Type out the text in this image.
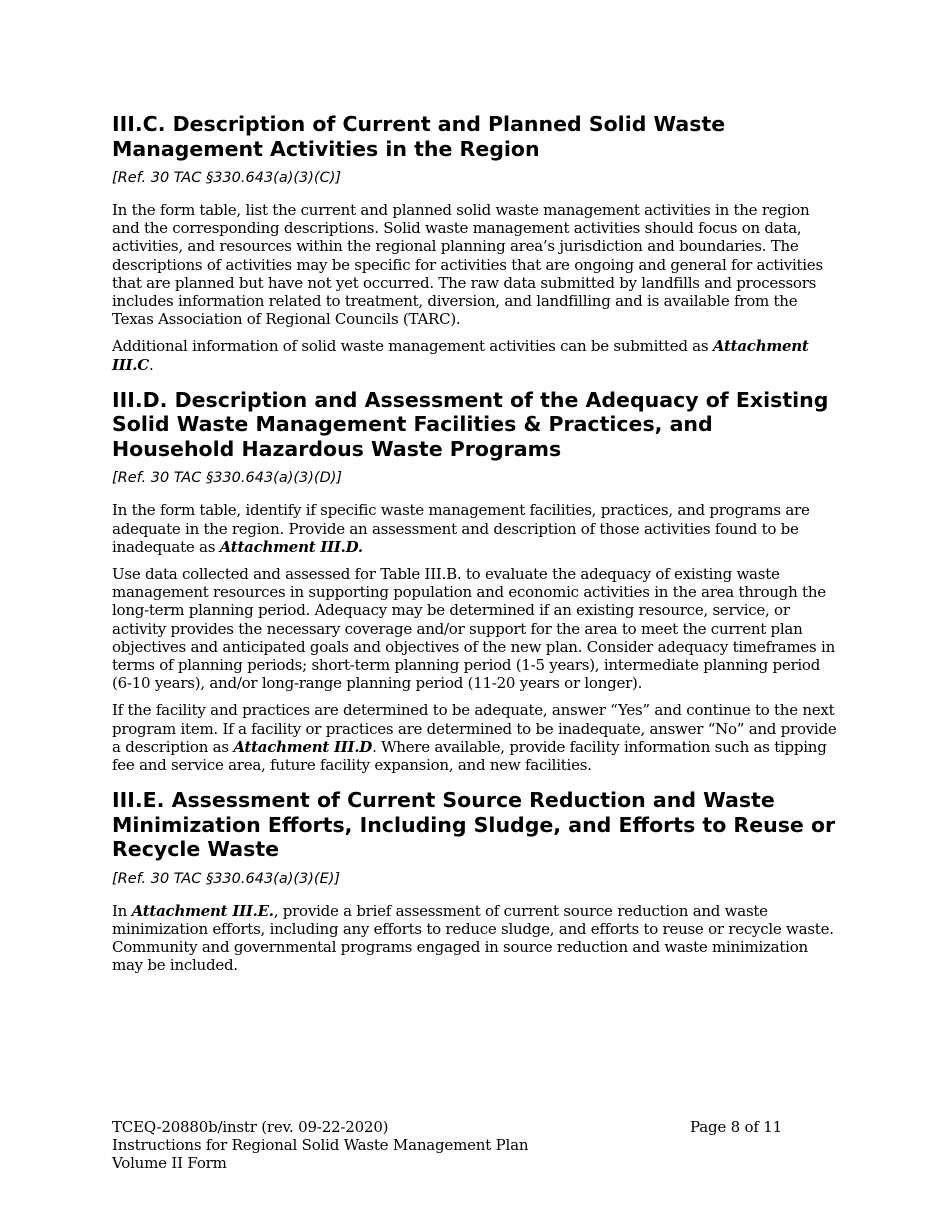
III.C. Description of Current and Planned Solid Waste Management Activities in the Region
[Ref. 30 TAC §330.643(a)(3)(C)]

In the form table, list the current and planned solid waste management activities in the region and the corresponding descriptions. Solid waste management activities should focus on data, activities, and resources within the regional planning area’s jurisdiction and boundaries. The descriptions of activities may be specific for activities that are ongoing and general for activities that are planned but have not yet occurred. The raw data submitted by landfills and processors includes information related to treatment, diversion, and landfilling and is available from the Texas Association of Regional Councils (TARC).

Additional information of solid waste management activities can be submitted as Attachment III.C.

III.D. Description and Assessment of the Adequacy of Existing Solid Waste Management Facilities & Practices, and Household Hazardous Waste Programs
[Ref. 30 TAC §330.643(a)(3)(D)]

In the form table, identify if specific waste management facilities, practices, and programs are adequate in the region. Provide an assessment and description of those activities found to be inadequate as Attachment III.D.

Use data collected and assessed for Table III.B. to evaluate the adequacy of existing waste management resources in supporting population and economic activities in the area through the long-term planning period. Adequacy may be determined if an existing resource, service, or activity provides the necessary coverage and/or support for the area to meet the current plan objectives and anticipated goals and objectives of the new plan. Consider adequacy timeframes in terms of planning periods; short-term planning period (1-5 years), intermediate planning period (6-10 years), and/or long-range planning period (11-20 years or longer).

If the facility and practices are determined to be adequate, answer “Yes” and continue to the next program item. If a facility or practices are determined to be inadequate, answer “No” and provide a description as Attachment III.D. Where available, provide facility information such as tipping fee and service area, future facility expansion, and new facilities.

III.E. Assessment of Current Source Reduction and Waste Minimization Efforts, Including Sludge, and Efforts to Reuse or Recycle Waste
[Ref. 30 TAC §330.643(a)(3)(E)]

In Attachment III.E., provide a brief assessment of current source reduction and waste minimization efforts, including any efforts to reduce sludge, and efforts to reuse or recycle waste. Community and governmental programs engaged in source reduction and waste minimization may be included.

TCEQ-20880b/instr (rev. 09-22-2020)
Instructions for Regional Solid Waste Management Plan
Volume II Form
Page 8 of 11
